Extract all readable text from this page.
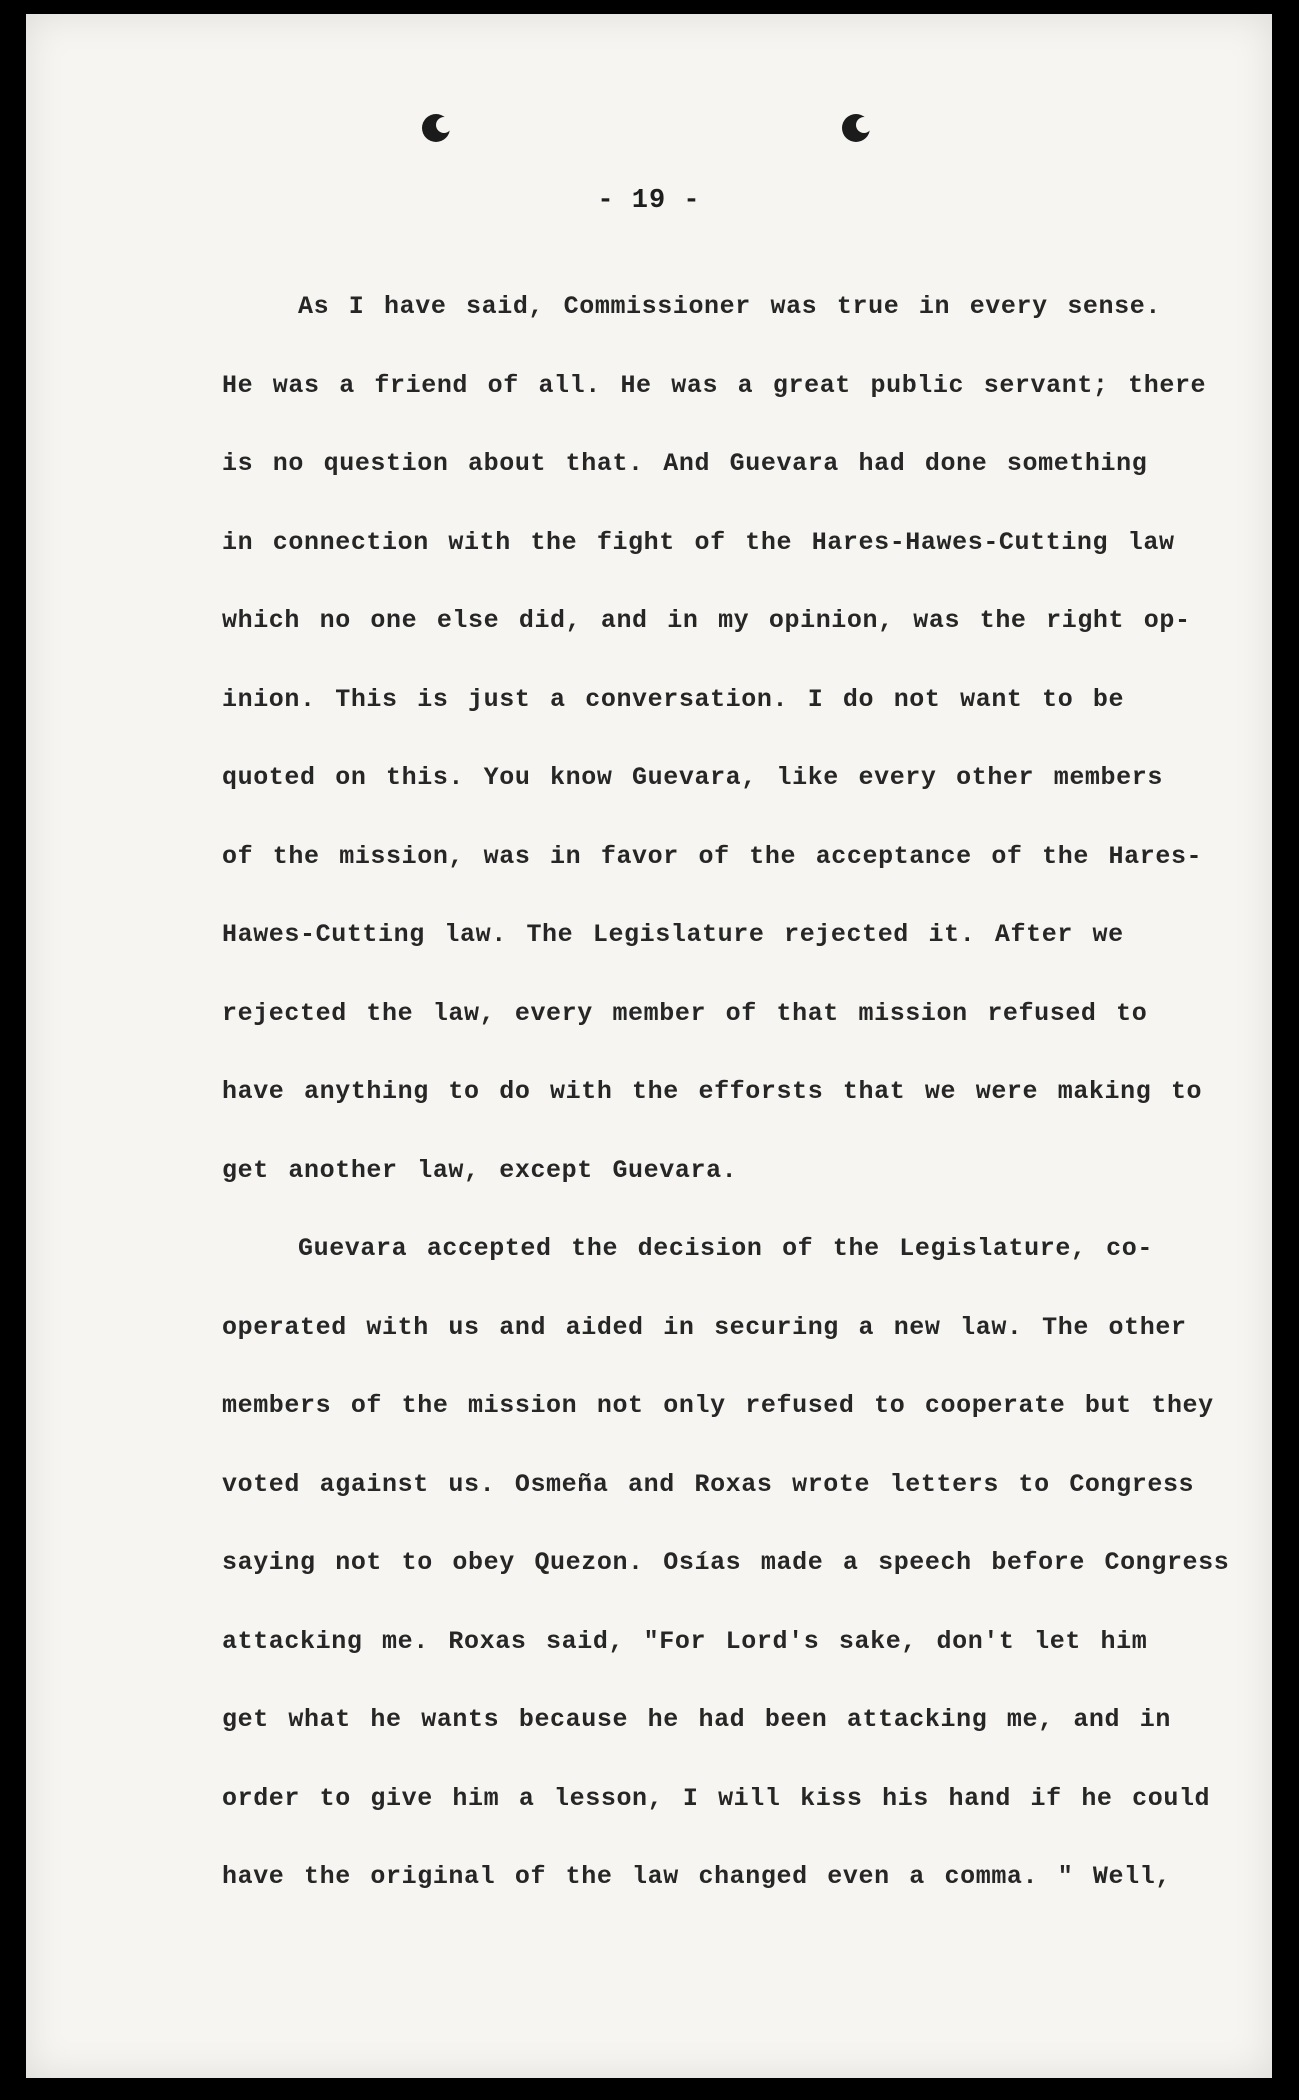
- 19 -
As I have said, Commissioner was true in every sense.
He was a friend of all. He was a great public servant; there
is no question about that. And Guevara had done something
in connection with the fight of the Hares-Hawes-Cutting law
which no one else did, and in my opinion, was the right op-
inion. This is just a conversation. I do not want to be
quoted on this. You know Guevara, like every other members
of the mission, was in favor of the acceptance of the Hares-
Hawes-Cutting law. The Legislature rejected it. After we
rejected the law, every member of that mission refused to
have anything to do with the efforsts that we were making to
get another law, except Guevara.
Guevara accepted the decision of the Legislature, co-
operated with us and aided in securing a new law. The other
members of the mission not only refused to cooperate but they
voted against us. Osmeña and Roxas wrote letters to Congress
saying not to obey Quezon. Osías made a speech before Congress
attacking me. Roxas said, "For Lord's sake, don't let him
get what he wants because he had been attacking me, and in
order to give him a lesson, I will kiss his hand if he could
have the original of the law changed even a comma. " Well,
